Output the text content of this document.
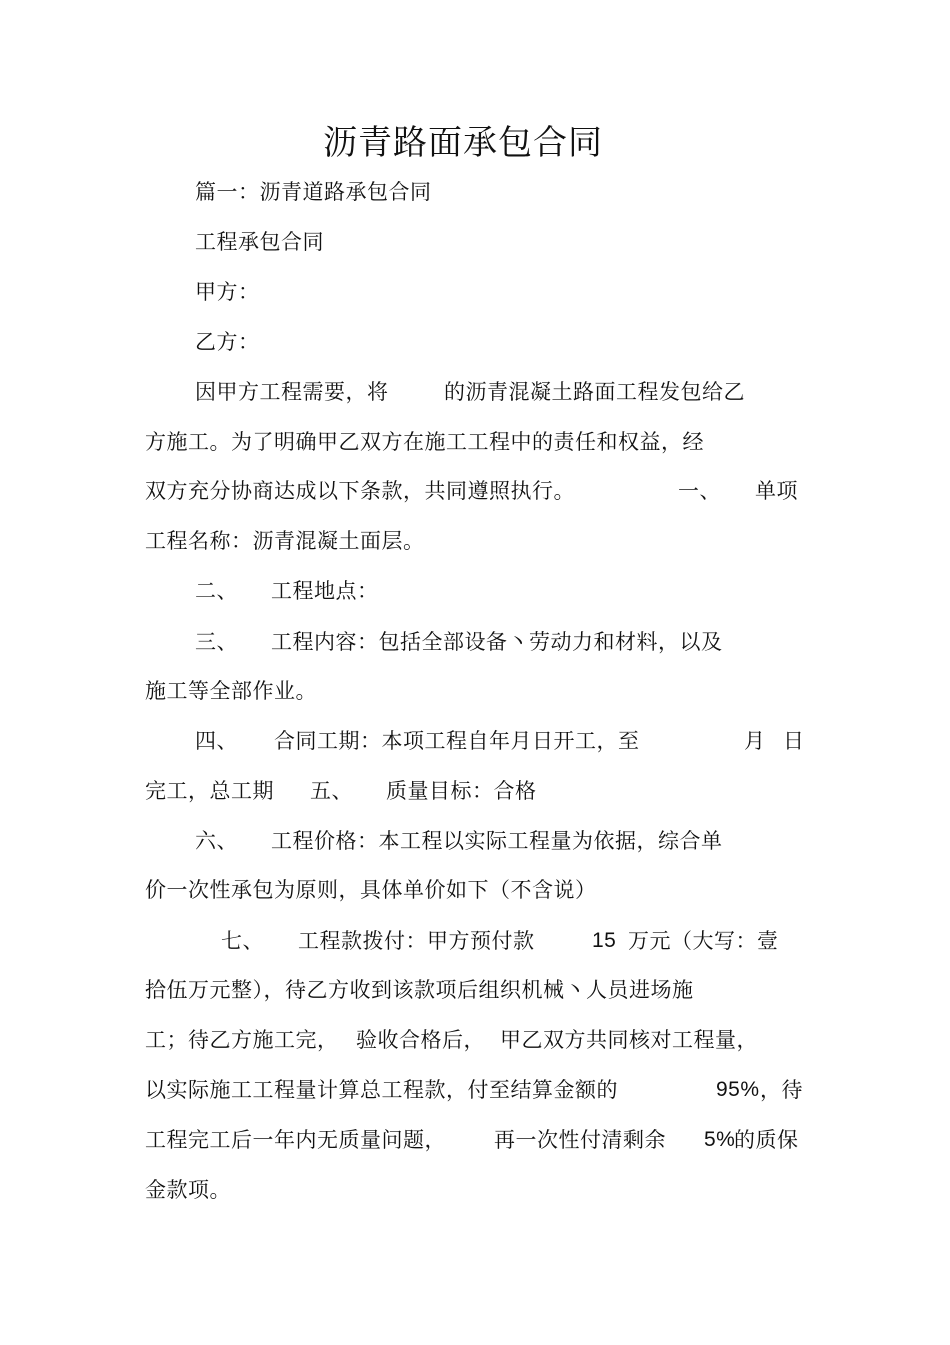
沥青路面承包合同
篇一：沥青道路承包合同
工程承包合同
甲方：
乙方：
因甲方工程需要，将	的沥青混凝土路面工程发包给乙
方施工。为了明确甲乙双方在施工工程中的责任和权益，经
双方充分协商达成以下条款，共同遵照执行。	一、 单项
工程名称：沥青混凝土面层。
二、 工程地点：
三、 工程内容：包括全部设备丶劳动力和材料，以及
施工等全部作业。
四、 合同工期：本项工程自年月日开工，至	月 日
完工，总工期 五、 质量目标：合格
六、 工程价格：本工程以实际工程量为依据，综合单
价一次性承包为原则，具体单价如下（不含说）
七、 工程款拨付：甲方预付款	15 万元（大写：壹
拾伍万元整），待乙方收到该款项后组织机械丶人员进场施
工；待乙方施工完， 验收合格后， 甲乙双方共同核对工程量，
以实际施工工程量计算总工程款，付至结算金额的	95% ，待
工程完工后一年内无质量问题， 再一次性付清剩余 5%
的质保
金款项。
